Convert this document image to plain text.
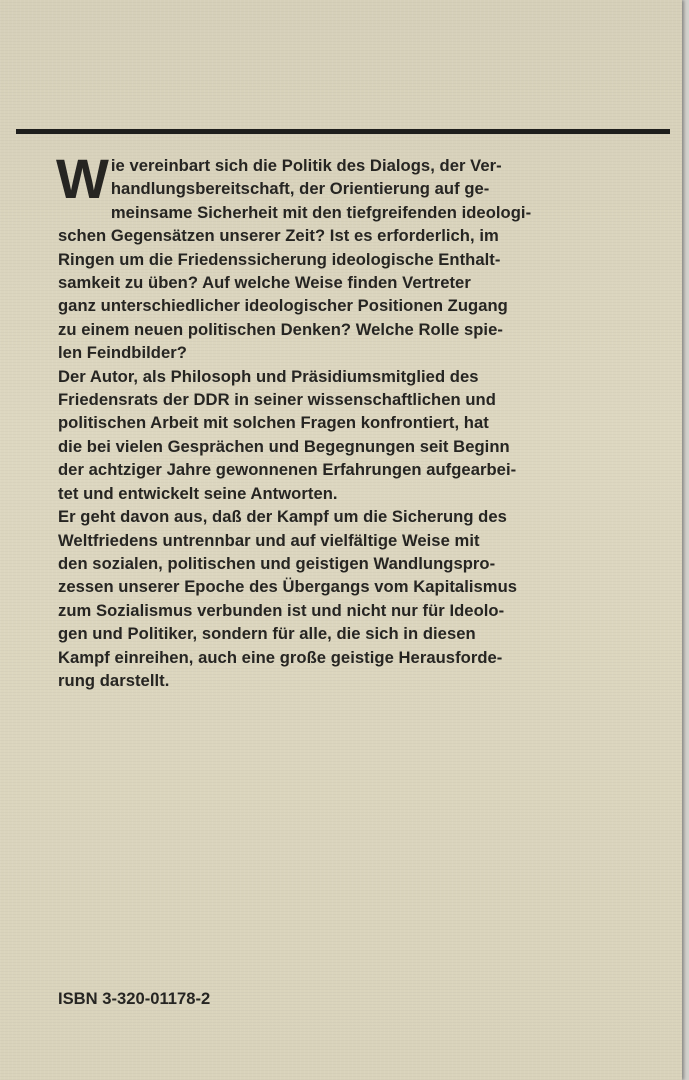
W ie vereinbart sich die Politik des Dialogs, der Ver-
handlungsbereitschaft, der Orientierung auf ge-
meinsame Sicherheit mit den tiefgreifenden ideologi-
schen Gegensätzen unserer Zeit? Ist es erforderlich, im
Ringen um die Friedenssicherung ideologische Enthalt-
samkeit zu üben? Auf welche Weise finden Vertreter
ganz unterschiedlicher ideologischer Positionen Zugang
zu einem neuen politischen Denken? Welche Rolle spie-
len Feindbilder?
Der Autor, als Philosoph und Präsidiumsmitglied des
Friedensrats der DDR in seiner wissenschaftlichen und
politischen Arbeit mit solchen Fragen konfrontiert, hat
die bei vielen Gesprächen und Begegnungen seit Beginn
der achtziger Jahre gewonnenen Erfahrungen aufgearbei-
tet und entwickelt seine Antworten.
Er geht davon aus, daß der Kampf um die Sicherung des
Weltfriedens untrennbar und auf vielfältige Weise mit
den sozialen, politischen und geistigen Wandlungspro-
zessen unserer Epoche des Übergangs vom Kapitalismus
zum Sozialismus verbunden ist und nicht nur für Ideolo-
gen und Politiker, sondern für alle, die sich in diesen
Kampf einreihen, auch eine große geistige Herausforde-
rung darstellt.
ISBN 3-320-01178-2
